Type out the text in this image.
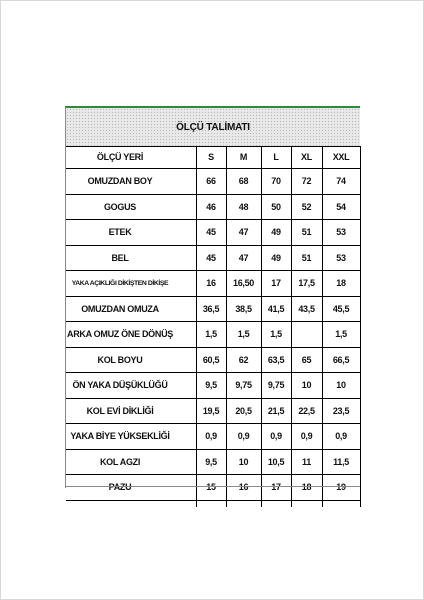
ÖLÇÜ TALİMATI
ÖLÇÜ YERİ		S	M	L	XL	XXL
OMUZDAN BOY		66	68	70	72	74
GOGUS		46	48	50	52	54
ETEK		45	47	49	51	53
BEL		45	47	49	51	53
YAKA AÇIKLIĞI DİKİŞTEN DİKİŞE		16	16,50	17	17,5	18
OMUZDAN OMUZA		36,5	38,5	41,5	43,5	45,5
ARKA OMUZ ÖNE DÖNÜŞ		1,5	1,5	1,5		1,5
KOL BOYU		60,5	62	63,5	65	66,5
ÖN YAKA DÜŞÜKLÜĞÜ		9,5	9,75	9,75	10	10
KOL EVİ DİKLİĞİ		19,5	20,5	21,5	22,5	23,5
YAKA BİYE YÜKSEKLİĞİ		0,9	0,9	0,9	0,9	0,9
KOL AGZI		9,5	10	10,5	11	11,5
PAZU		15	16	17	18	19
